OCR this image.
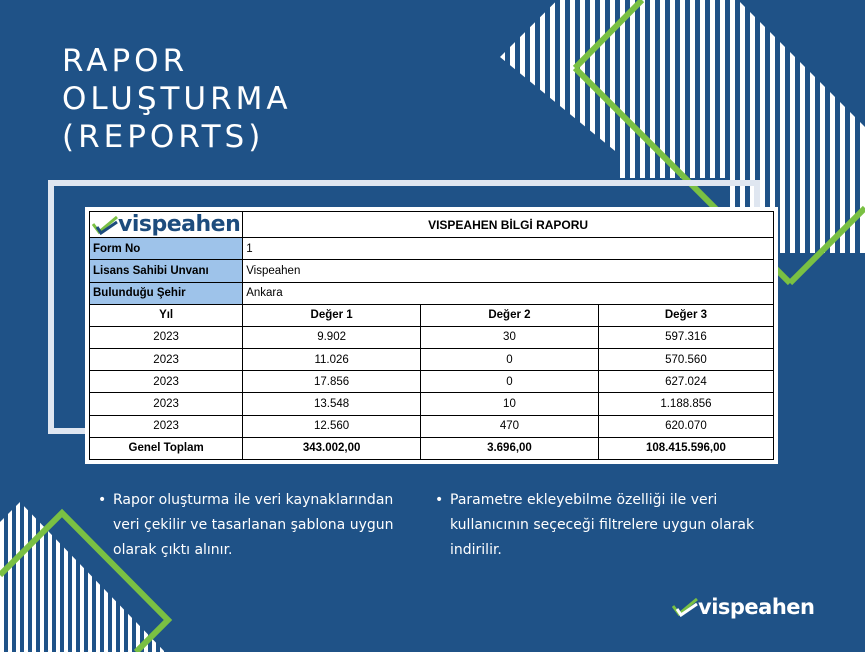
RAPOR
OLUŞTURMA
(REPORTS)
vispeahen	VISPEAHEN BİLGİ RAPORU		
Form No	1		
Lisans Sahibi Unvanı	Vispeahen		
Bulunduğu Şehir	Ankara		
Yıl	Değer 1	Değer 2	Değer 3
2023	9.902	30	597.316
2023	11.026	0	570.560
2023	17.856	0	627.024
2023	13.548	10	1.188.856
2023	12.560	470	620.070
Genel Toplam	343.002,00	3.696,00	108.415.596,00
• Rapor oluşturma ile veri kaynaklarından veri çekilir ve tasarlanan şablona uygun olarak çıktı alınır.
• Parametre ekleyebilme özelliği ile veri kullanıcının seçeceği filtrelere uygun olarak indirilir.
vispeahen
